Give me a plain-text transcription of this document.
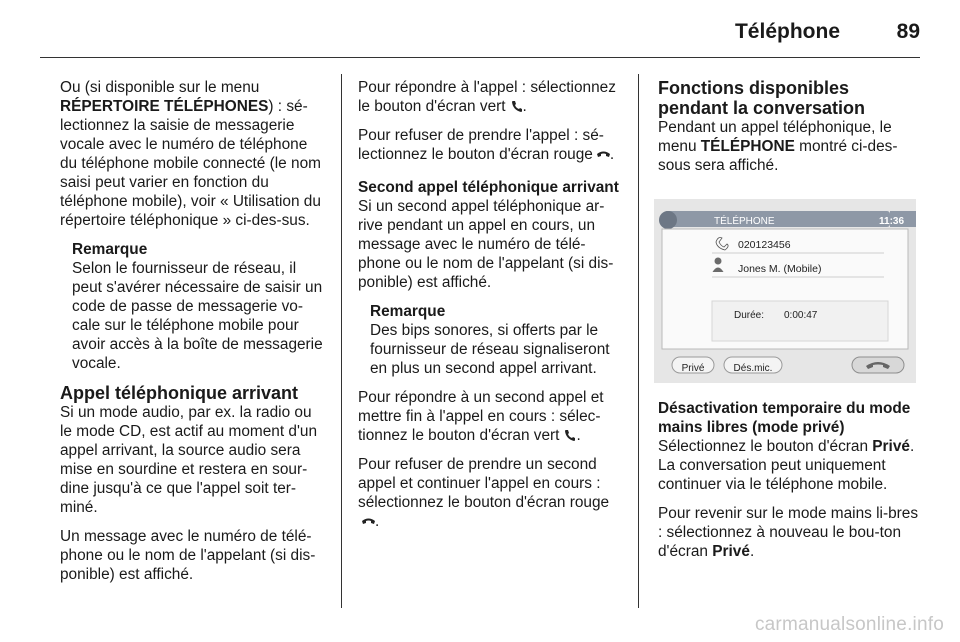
Téléphone	89

Ou (si disponible sur le menu RÉPERTOIRE TÉLÉPHONES) : sé-lectionnez la saisie de messagerie vocale avec le numéro de téléphone du téléphone mobile connecté (le nom saisi peut varier en fonction du téléphone mobile), voir « Utilisation du répertoire téléphonique » ci-des-sus.

Remarque
Selon le fournisseur de réseau, il peut s'avérer nécessaire de saisir un code de passe de messagerie vo-cale sur le téléphone mobile pour avoir accès à la boîte de messagerie vocale.
Appel téléphonique arrivant

Si un mode audio, par ex. la radio ou le mode CD, est actif au moment d'un appel arrivant, la source audio sera mise en sourdine et restera en sour-dine jusqu'à ce que l'appel soit ter-miné.

Un message avec le numéro de télé-phone ou le nom de l'appelant (si dis-ponible) est affiché.

Pour répondre à l'appel : sélectionnez le bouton d'écran vert .

Pour refuser de prendre l'appel : sé-lectionnez le bouton d'écran rouge .

Second appel téléphonique arrivant

Si un second appel téléphonique ar-rive pendant un appel en cours, un message avec le numéro de télé-phone ou le nom de l'appelant (si dis-ponible) est affiché.

Remarque
Des bips sonores, si offerts par le fournisseur de réseau signaliseront en plus un second appel arrivant.

Pour répondre à un second appel et mettre fin à l'appel en cours : sélec-tionnez le bouton d'écran vert .

Pour refuser de prendre un second appel et continuer l'appel en cours : sélectionnez le bouton d'écran rouge.

Fonctions disponibles pendant la conversation

Pendant un appel téléphonique, le menu TÉLÉPHONE montré ci-des-sous sera affiché.

TÉLÉPHONE	11:36
020123456
Jones M. (Mobile)
Durée: 0:00:47
Privé	Dés.mic.
Désactivation temporaire du mode mains libres (mode privé)

Sélectionnez le bouton d'écran Privé. La conversation peut uniquement continuer via le téléphone mobile.

Pour revenir sur le mode mains li-bres : sélectionnez à nouveau le bou-ton d'écran Privé.

carmanualsonline.info
